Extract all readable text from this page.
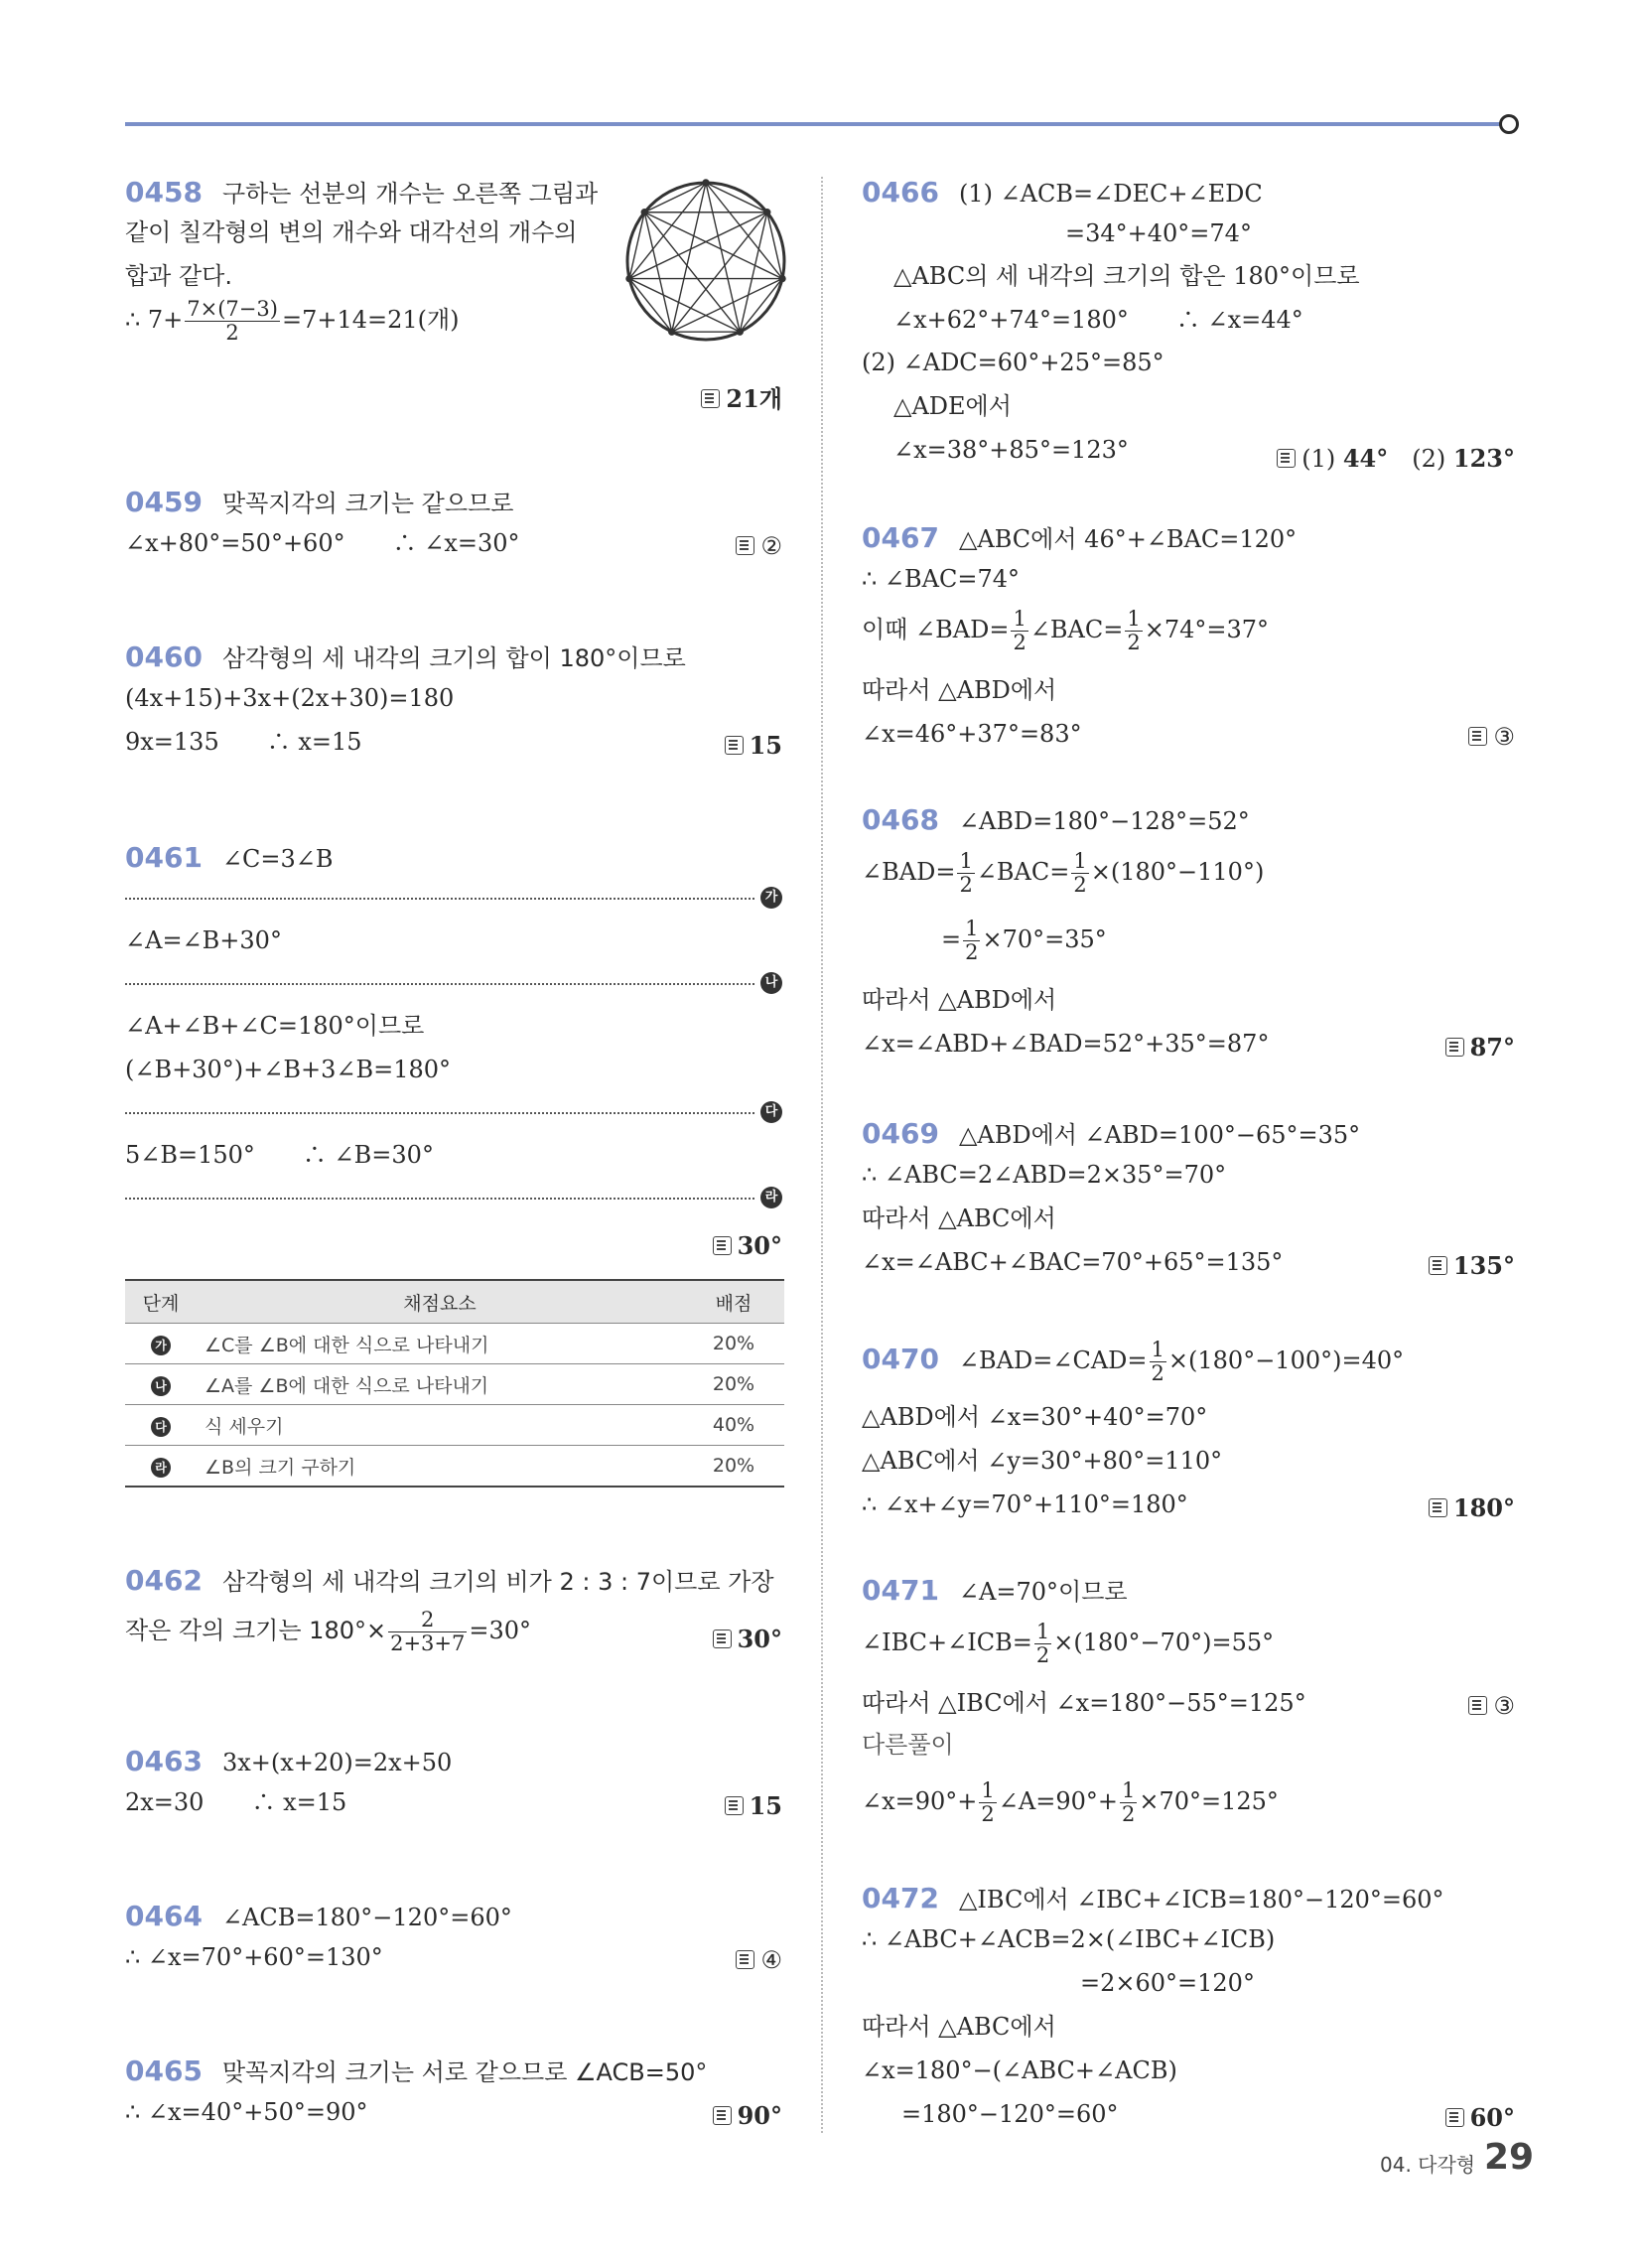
0458 구하는 선분의 개수는 오른쪽 그림과
같이 칠각형의 변의 개수와 대각선의 개수의
합과 같다.
∴ $7+ \frac{7\times(7-3)}{2} =7+14=21$(개)
21개
0459 맞꼭지각의 크기는 같으므로
∠x+80°=50°+60°　　∴ ∠x=30°	②
0460 삼각형의 세 내각의 크기의 합이 180°이므로
(4x+15)+3x+(2x+30)=180
9x=135　　∴ x=15	15
0461 ∠C=3∠B
가
∠A=∠B+30°
나
∠A+∠B+∠C=180°이므로
(∠B+30°)+∠B+3∠B=180°
다
5∠B=150°　　∴ ∠B=30°
라
30°
단계	채점요소	배점
가	∠C를 ∠B에 대한 식으로 나타내기	20%
나	∠A를 ∠B에 대한 식으로 나타내기	20%
다	식 세우기	40%
라	∠B의 크기 구하기	20%
0462 삼각형의 세 내각의 크기의 비가 2 : 3 : 7이므로 가장
작은 각의 크기는 $180^\circ\times \frac{2}{2+3+7} =30^\circ$	30°
0463 3x+(x+20)=2x+50
2x=30　　∴ x=15	15
0464 ∠ACB=180°−120°=60°
∴ ∠x=70°+60°=130°	④
0465 맞꼭지각의 크기는 서로 같으므로 ∠ACB=50°
∴ ∠x=40°+50°=90°	90°
0466 (1) ∠ACB=∠DEC+∠EDC
=34°+40°=74°
△ABC의 세 내각의 크기의 합은 180°이므로
∠x+62°+74°=180°　　∴ ∠x=44°
(2) ∠ADC=60°+25°=85°
△ADE에서
∠x=38°+85°=123°	(1) 44°　 (2) 123°
0467 △ABC에서 46°+∠BAC=120°
∴ ∠BAC=74°
이때 ∠BAD= $\frac{1}{2}$ ∠BAC= $\frac{1}{2} \times 74^\circ=37^\circ$
따라서 △ABD에서
∠x=46°+37°=83°	③
0468 ∠ABD=180°−128°=52°
∠BAD= $\frac{1}{2}$ ∠BAC= $\frac{1}{2} \times(180^\circ-110^\circ)$
= $\frac{1}{2} \times 70^\circ=35^\circ$
따라서 △ABD에서
∠x=∠ABD+∠BAD=52°+35°=87°	87°
0469 △ABD에서 ∠ABD=100°−65°=35°
∴ ∠ABC=2∠ABD=2×35°=70°
따라서 △ABC에서
∠x=∠ABC+∠BAC=70°+65°=135°	135°
0470 ∠BAD=∠CAD= $\frac{1}{2} \times(180^\circ-100^\circ)=40^\circ$
△ABD에서 ∠x=30°+40°=70°
△ABC에서 ∠y=30°+80°=110°
∴ ∠x+∠y=70°+110°=180°	180°
0471 ∠A=70°이므로
∠IBC+∠ICB= $\frac{1}{2} \times(180^\circ-70^\circ)=55^\circ$
따라서 △IBC에서 ∠x=180°−55°=125°	③
다른풀이
∠x=90°+ $\frac{1}{2}$ ∠A=90°+ $\frac{1}{2} \times 70^\circ=125^\circ$
0472 △IBC에서 ∠IBC+∠ICB=180°−120°=60°
∴ ∠ABC+∠ACB=2×(∠IBC+∠ICB)
=2×60°=120°
따라서 △ABC에서
∠x=180°−(∠ABC+∠ACB)
=180°−120°=60°	60°
04. 다각형 29
